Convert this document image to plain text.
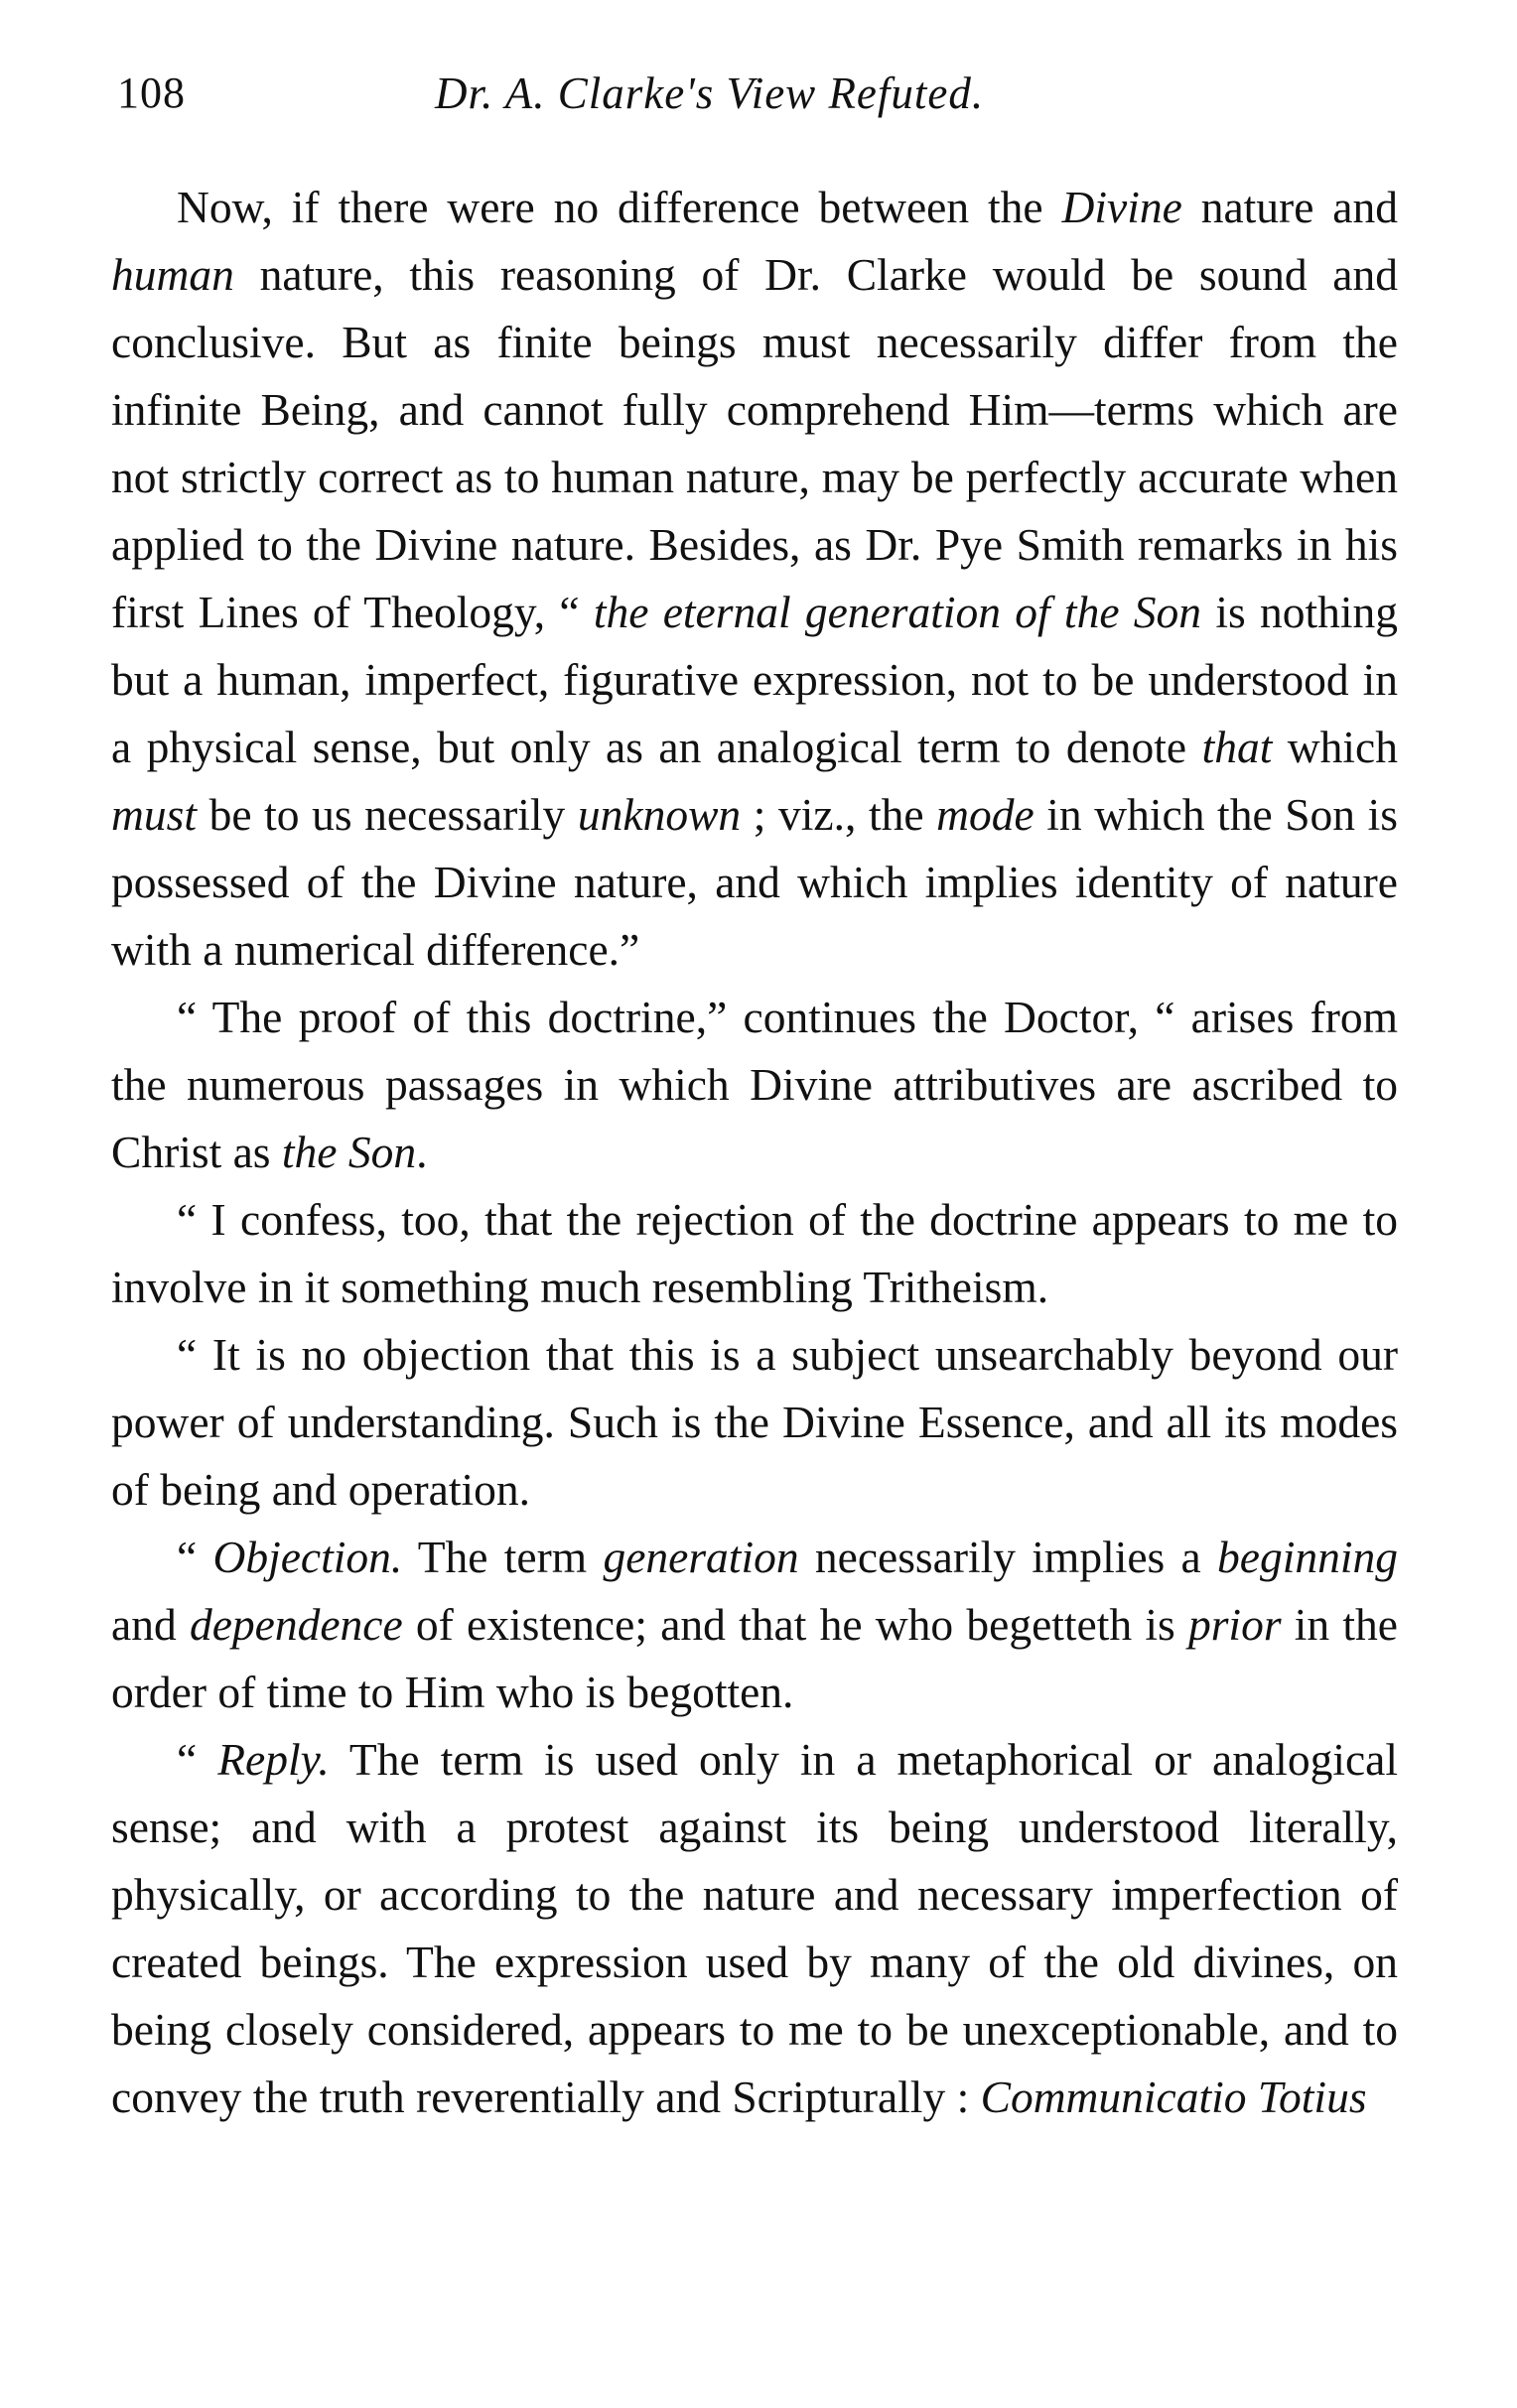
108	Dr. A. Clarke's View Refuted.

Now, if there were no difference between the Divine nature and human nature, this reasoning of Dr. Clarke would be sound and conclusive. But as finite beings must necessarily differ from the infinite Being, and cannot fully comprehend Him—terms which are not strictly correct as to human nature, may be perfectly accurate when applied to the Divine nature. Besides, as Dr. Pye Smith remarks in his first Lines of Theology, “ the eternal generation of the Son is nothing but a human, imperfect, figurative expression, not to be understood in a physical sense, but only as an analogical term to denote that which must be to us necessarily unknown ; viz., the mode in which the Son is possessed of the Divine nature, and which implies identity of nature with a numerical difference.”

“ The proof of this doctrine,” continues the Doctor, “ arises from the numerous passages in which Divine attributives are ascribed to Christ as the Son.

“ I confess, too, that the rejection of the doctrine appears to me to involve in it something much resembling Tritheism.

“ It is no objection that this is a subject unsearchably beyond our power of understanding. Such is the Divine Essence, and all its modes of being and operation.

“ Objection. The term generation necessarily implies a beginning and dependence of existence; and that he who begetteth is prior in the order of time to Him who is begotten.

“ Reply. The term is used only in a metaphorical or analogical sense; and with a protest against its being understood literally, physically, or according to the nature and necessary imperfection of created beings. The expression used by many of the old divines, on being closely considered, appears to me to be unexceptionable, and to convey the truth reverentially and Scripturally : Communicatio Totius
